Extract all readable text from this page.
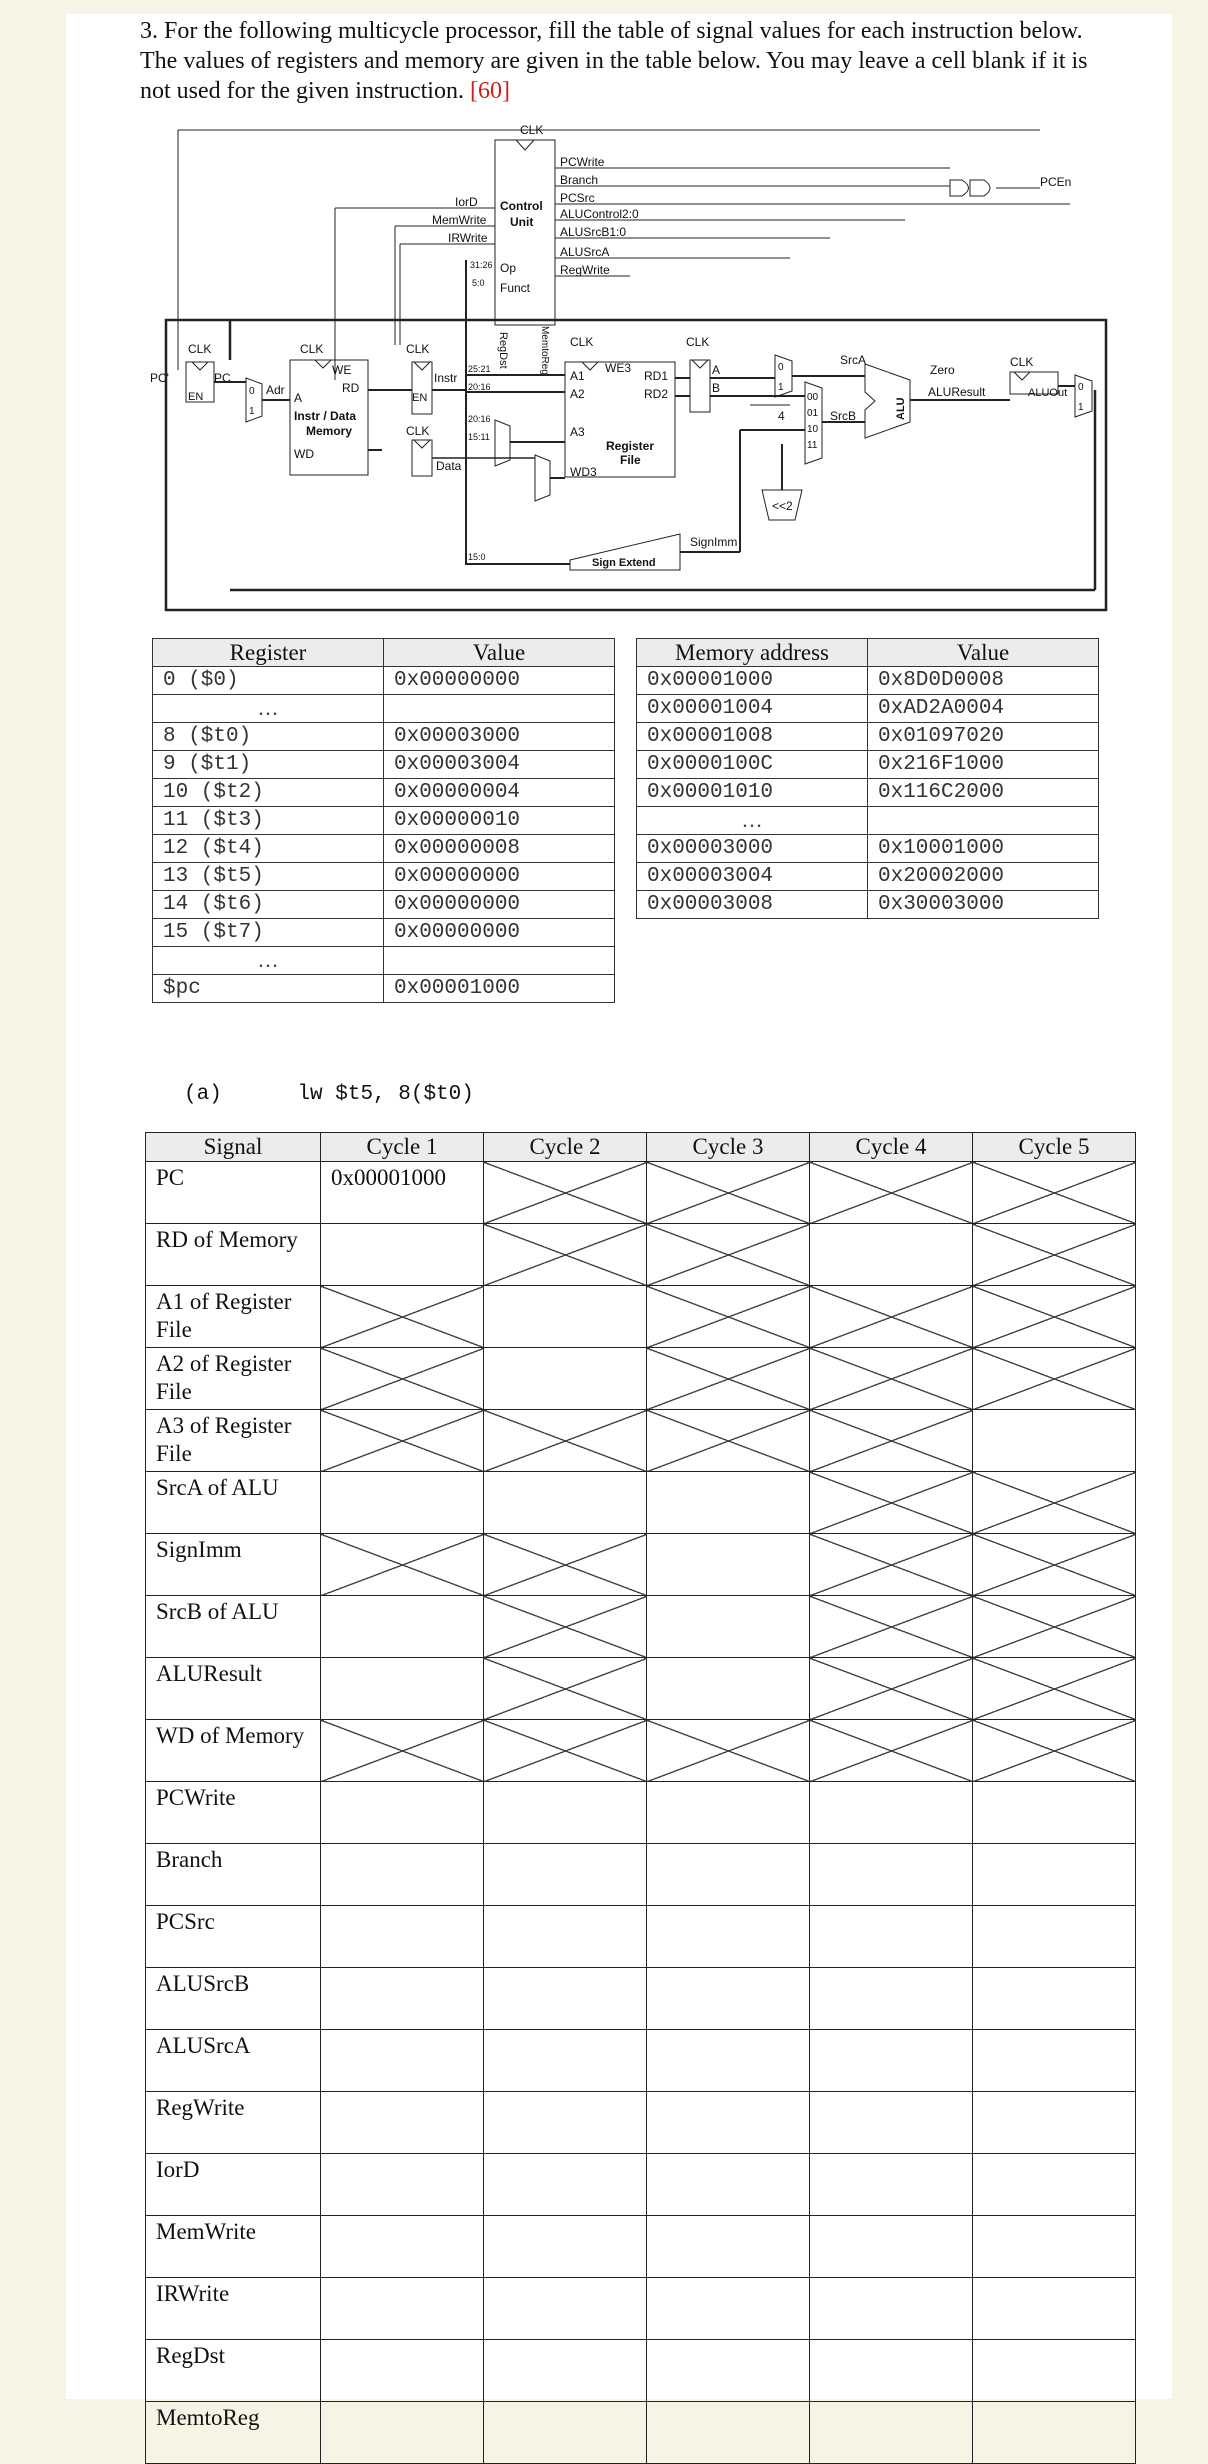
3. For the following multicycle processor, fill the table of signal values for each instruction below. The values of registers and memory are given in the table below. You may leave a cell blank if it is not used for the given instruction. [60]
CLK
PCWrite
Branch
PCSrc
ALUControl2:0
ALUSrcB1:0
ALUSrcA
RegWrite
IorD
MemWrite
IRWrite
Control
Unit
Op
Funct
PCEn
PC'
CLK
PC
EN	Adr
CLK
WE
RD
A
Instr / Data
Memory
WD
CLK
Instr
CLK
Data
EN
31:26
5:0
25:21
20:16
20:16
15:11
15:0
RegDst	MemtoReg CLK
WE3
A1
A2
A3
WD3
RD1
RD2
Register
File
CLK
A
B
SrcA
SrcB
Zero
ALU
ALUResult
CLK
ALUOut
4
<<2
SignImm
Sign Extend
0
1
0
1
00
01
10
11
0
1
Register	Value
0 ($0)	0x00000000
…	
8 ($t0)	0x00003000
9 ($t1)	0x00003004
10 ($t2)	0x00000004
11 ($t3)	0x00000010
12 ($t4)	0x00000008
13 ($t5)	0x00000000
14 ($t6)	0x00000000
15 ($t7)	0x00000000
…	
$pc	0x00001000
Memory address	Value
0x00001000	0x8D0D0008
0x00001004	0xAD2A0004
0x00001008	0x01097020
0x0000100C	0x216F1000
0x00001010	0x116C2000
…	
0x00003000	0x10001000
0x00003004	0x20002000
0x00003008	0x30003000
(a)	lw $t5, 8($t0)
Signal	Cycle 1	Cycle 2	Cycle 3	Cycle 4	Cycle 5
PC	0x00001000				

RD of Memory					
A1 of Register File					
A2 of Register File					
A3 of Register File					
SrcA of ALU					
SignImm					
SrcB of ALU					
ALUResult					
WD of Memory					
PCWrite					
Branch					
PCSrc					
ALUSrcB					
ALUSrcA					
RegWrite					
IorD					
MemWrite					
IRWrite					
RegDst					
MemtoReg					
